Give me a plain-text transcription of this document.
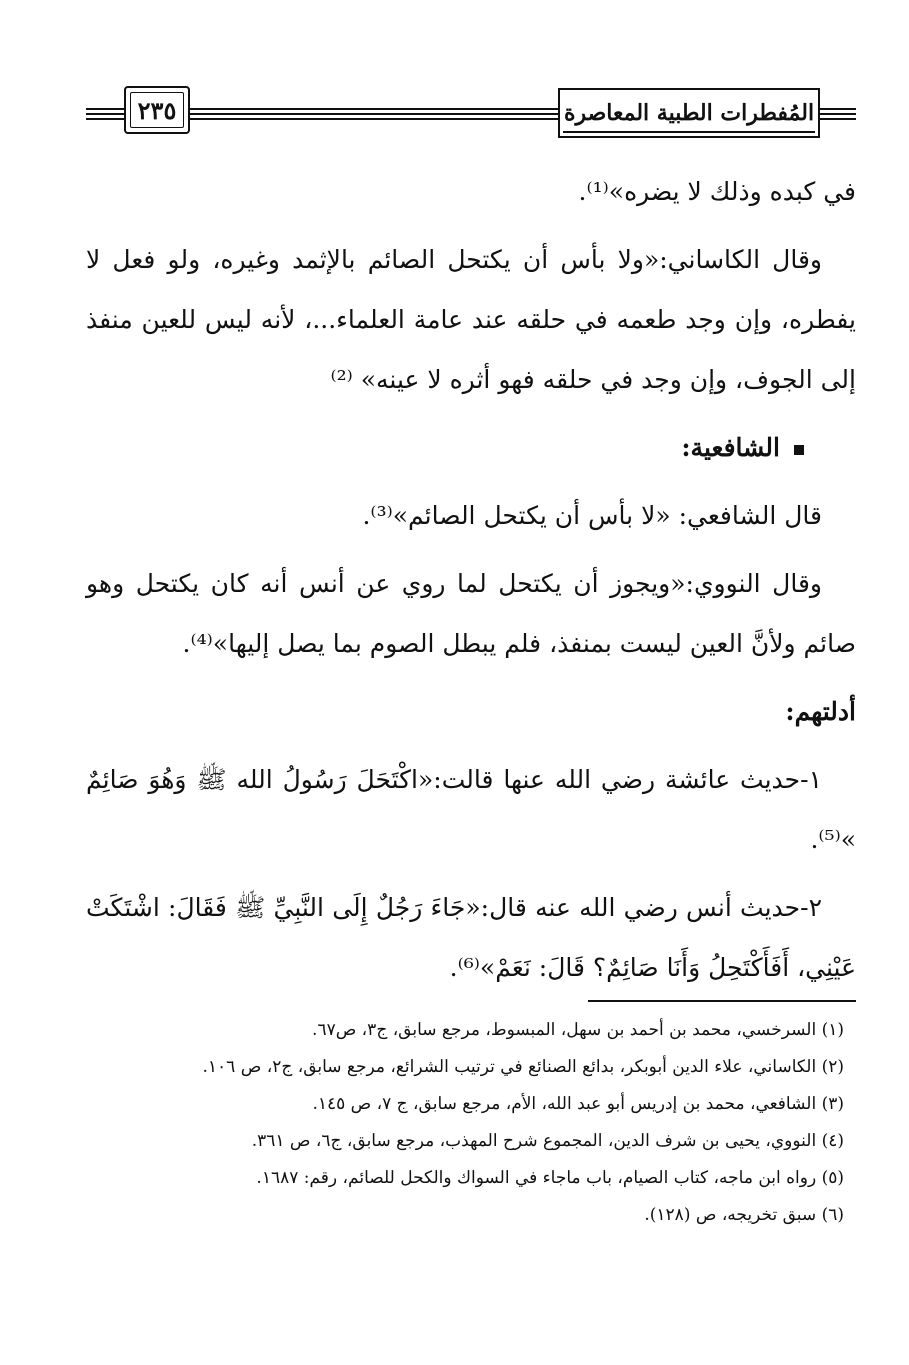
٢٣٥	المُفطرات الطبية المعاصرة

في كبده وذلك لا يضره»⁽¹⁾.

وقال الكاساني:«ولا بأس أن يكتحل الصائم بالإثمد وغيره، ولو فعل لا يفطره، وإن وجد طعمه في حلقه عند عامة العلماء...، لأنه ليس للعين منفذ إلى الجوف، وإن وجد في حلقه فهو أثره لا عينه» ⁽²⁾

الشافعية:

قال الشافعي: «لا بأس أن يكتحل الصائم»⁽³⁾.

وقال النووي:«ويجوز أن يكتحل لما روي عن أنس أنه كان يكتحل وهو صائم ولأنَّ العين ليست بمنفذ، فلم يبطل الصوم بما يصل إليها»⁽⁴⁾.

أدلتهم:

١-حديث عائشة رضي الله عنها قالت:«اكْتَحَلَ رَسُولُ الله ﷺ وَهُوَ صَائِمٌ »⁽⁵⁾.

٢-حديث أنس رضي الله عنه قال:«جَاءَ رَجُلٌ إِلَى النَّبِيِّ ﷺ فَقَالَ: اشْتَكَتْ عَيْنِي، أَفَأَكْتَحِلُ وَأَنَا صَائِمٌ؟ قَالَ: نَعَمْ»⁽⁶⁾.

(١) السرخسي، محمد بن أحمد بن سهل، المبسوط، مرجع سابق، ج٣، ص٦٧.

(٢) الكاساني، علاء الدين أبوبكر، بدائع الصنائع في ترتيب الشرائع، مرجع سابق، ج٢، ص ١٠٦.

(٣) الشافعي، محمد بن إدريس أبو عبد الله، الأم، مرجع سابق، ج ٧، ص ١٤٥.

(٤) النووي، يحيى بن شرف الدين، المجموع شرح المهذب، مرجع سابق، ج٦، ص ٣٦١.

(٥) رواه ابن ماجه، كتاب الصيام، باب ماجاء في السواك والكحل للصائم، رقم: ١٦٨٧.

(٦) سبق تخريجه، ص (١٢٨).
